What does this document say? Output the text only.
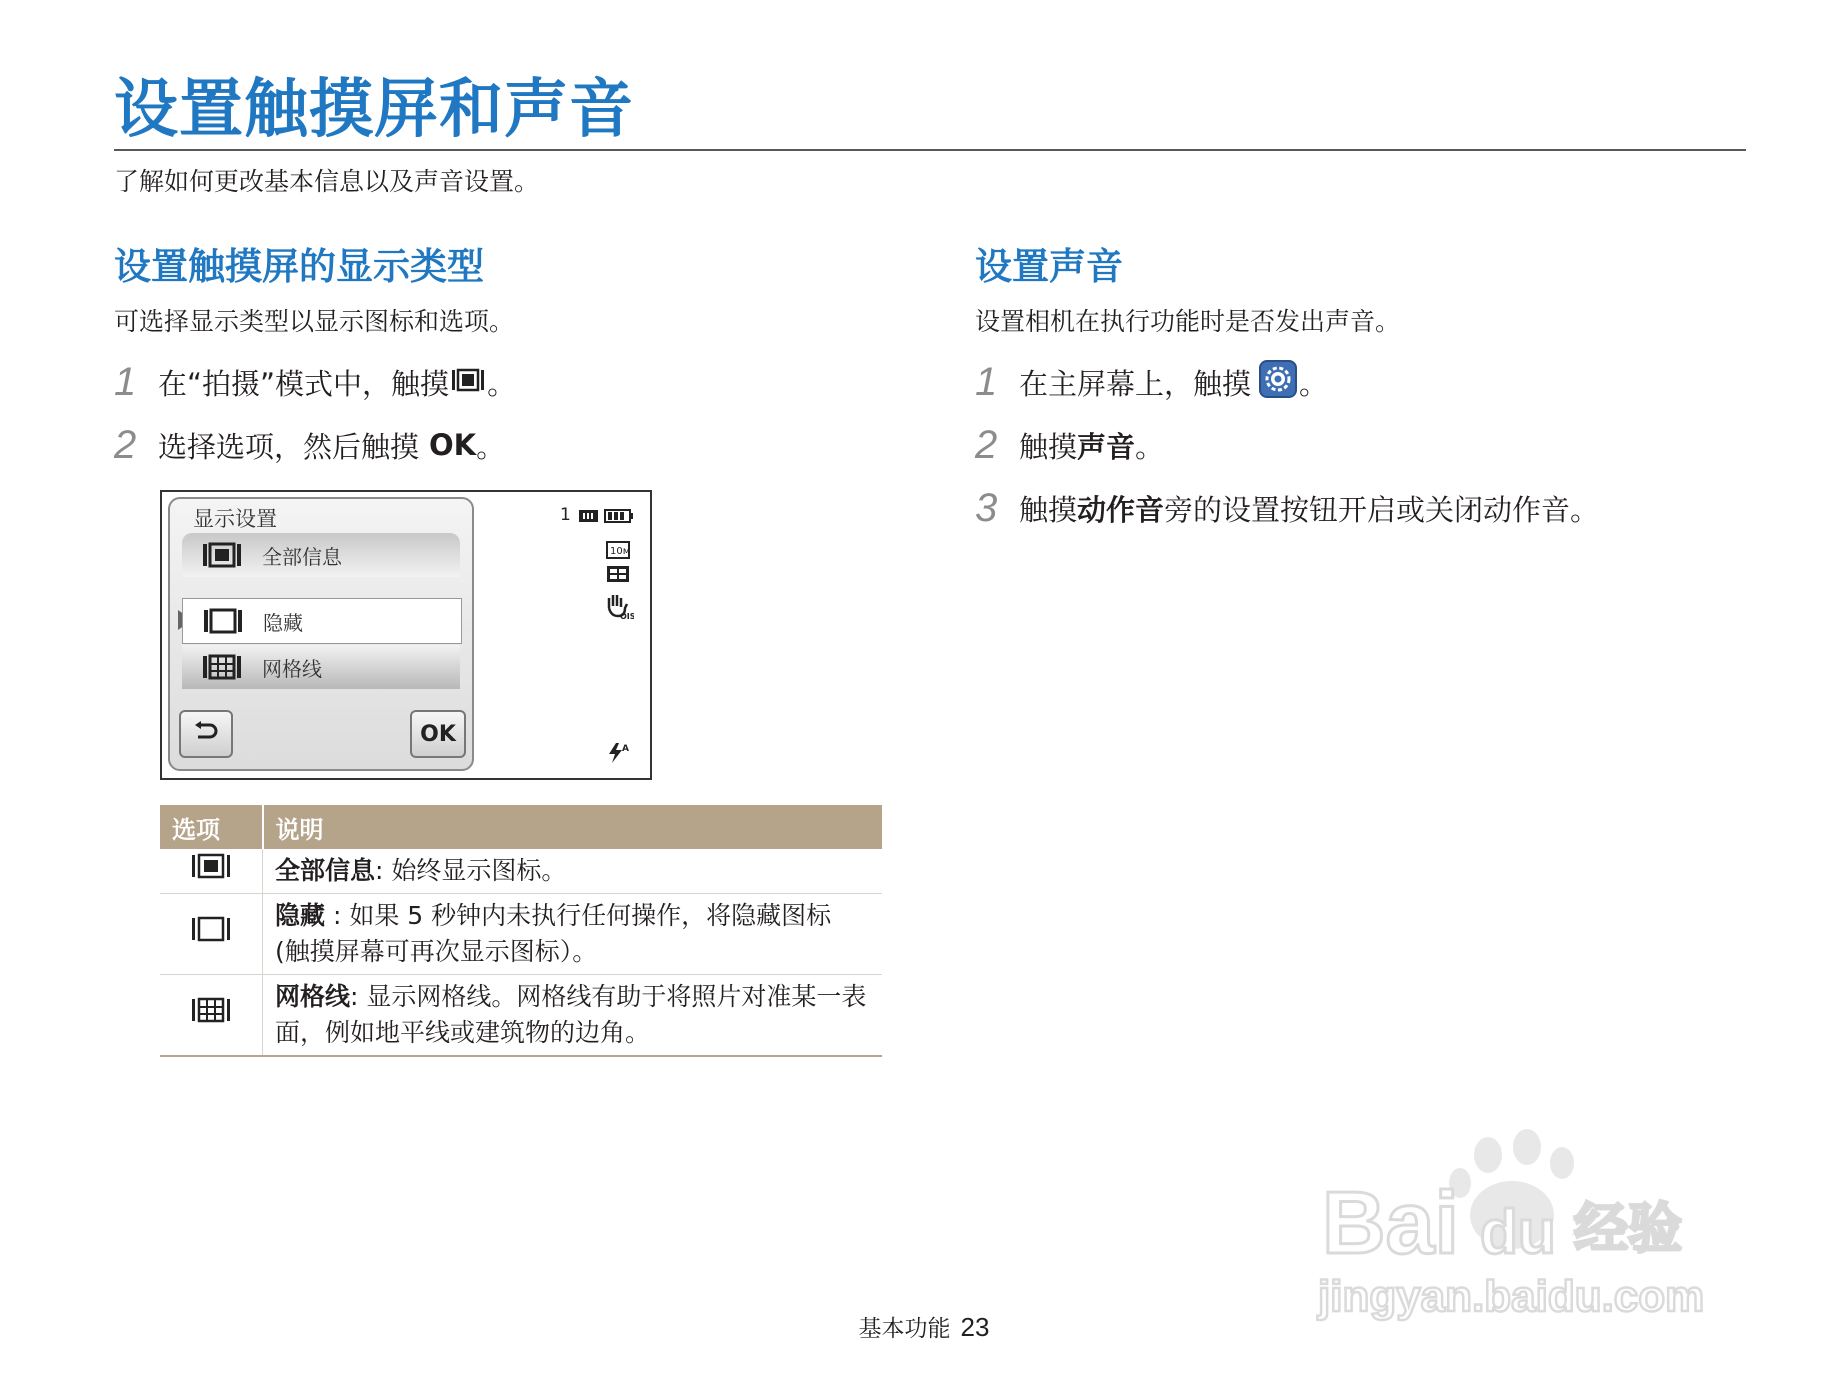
设置触摸屏和声音
了解如何更改基本信息以及声音设置。
设置触摸屏的显示类型
可选择显示类型以显示图标和选项。
1 在“拍摄”模式中，触摸 。
2 选择选项，然后触摸 OK 。
显示设置
全部信息
隐藏
网格线
OK
1
10м
OIS
A
选项	说明
	全部信息: 始终显示图标。
	隐藏 : 如果 5 秒钟内未执行任何操作，将隐藏图标(触摸屏幕可再次显示图标）。
	网格线: 显示网格线。网格线有助于将照片对准某一表面，例如地平线或建筑物的边角。
设置声音
设置相机在执行功能时是否发出声音。
1 在主屏幕上，触摸 。
2 触摸 声音 。
3 触摸 动作音 旁的设置按钮开启或关闭动作音。
基本功能 23
Bai du 经验
jingyan.baidu.com
